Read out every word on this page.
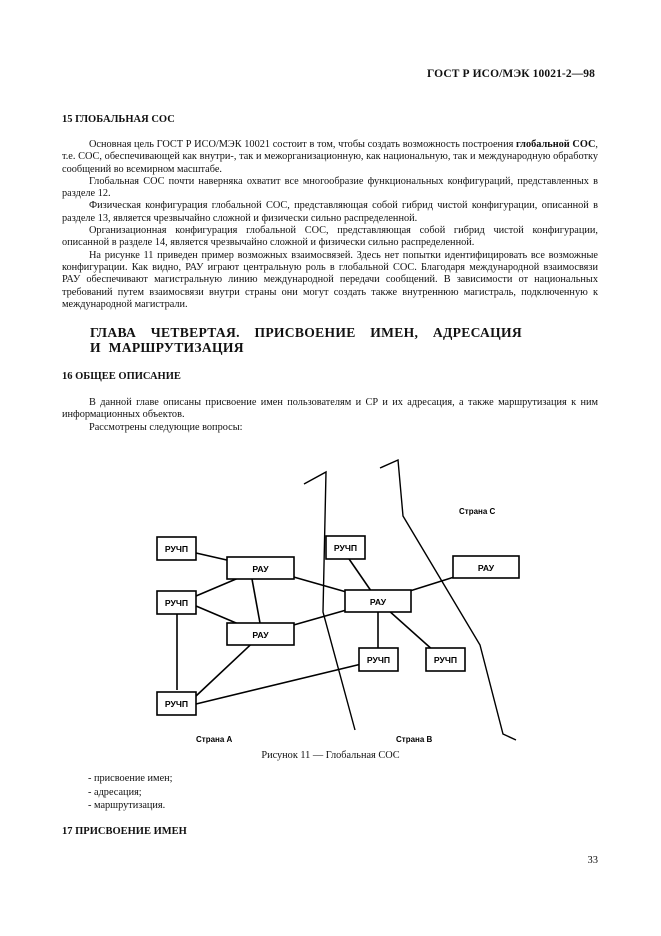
ГОСТ Р ИСО/МЭК 10021-2—98
15 ГЛОБАЛЬНАЯ СОС

Основная цель ГОСТ Р ИСО/МЭК 10021 состоит в том, чтобы создать возможность построения глобальной СОС, т.е. СОС, обеспечивающей как внутри-, так и межорганизационную, как национальную, так и международную обработку сообщений во всемирном масштабе.

Глобальная СОС почти наверняка охватит все многообразие функциональных конфигураций, представленных в разделе 12.

Физическая конфигурация глобальной СОС, представляющая собой гибрид чистой конфигурации, описанной в разделе 13, является чрезвычайно сложной и физически сильно распределенной.

Организационная конфигурация глобальной СОС, представляющая собой гибрид чистой конфигурации, описанной в разделе 14, является чрезвычайно сложной и физически сильно распределенной.

На рисунке 11 приведен пример возможных взаимосвязей. Здесь нет попытки идентифицировать все возможные конфигурации. Как видно, РАУ играют центральную роль в глобальной СОС. Благодаря международной взаимосвязи РАУ обеспечивают магистральную линию международной передачи сообщений. В зависимости от национальных требований путем взаимосвязи внутри страны они могут создать также внутреннюю магистраль, подключенную к международной магистрали.

ГЛАВА ЧЕТВЕРТАЯ. ПРИСВОЕНИЕ ИМЕН, АДРЕСАЦИЯ
И МАРШРУТИЗАЦИЯ
16 ОБЩЕЕ ОПИСАНИЕ

В данной главе описаны присвоение имен пользователям и СР и их адресация, а также маршрутизация к ним информационных объектов.

Рассмотрены следующие вопросы:

РУЧП
РУЧП
РУЧП
РАУ
РАУ
РУЧП
РАУ
РУЧП	РУЧП
РАУ
Страна С
Страна А	Страна В
Рисунок 11 — Глобальная СОС
- присвоение имен;
- адресация;
- маршрутизация.
17 ПРИСВОЕНИЕ ИМЕН
33
